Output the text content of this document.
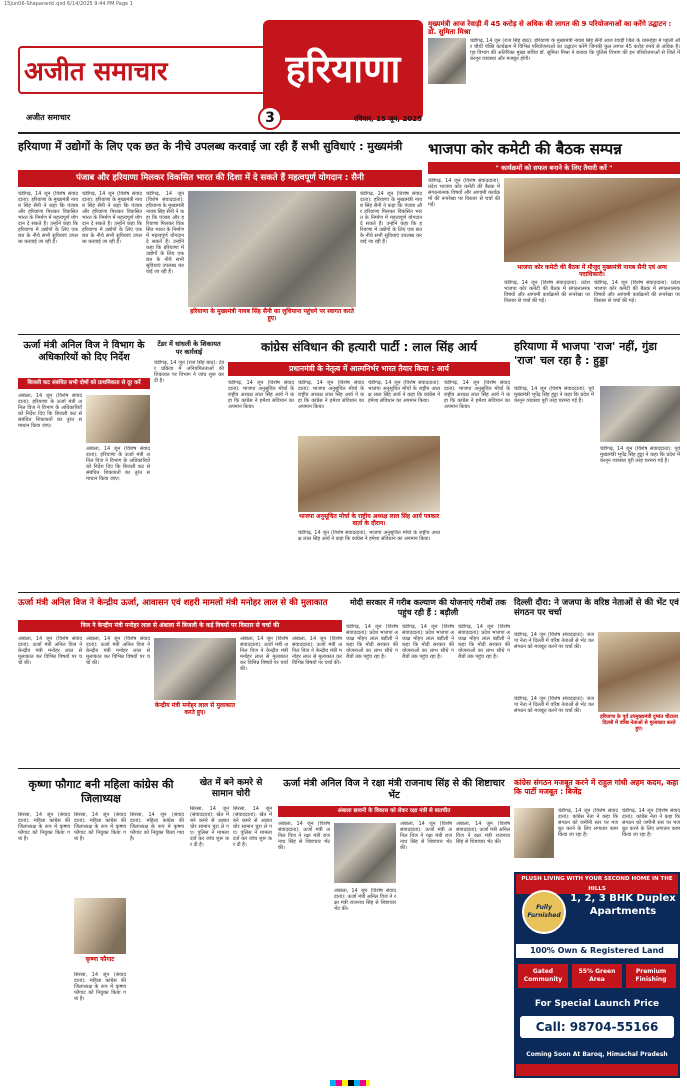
15Jun06-Shaparankl.qxd 6/14/2025 9:44 PM Page 1
अजीत समाचार	हरियाणा
अजीत समाचार	3	रविवार, 15 जून, 2025
मुख्यमंत्री आज रेवाड़ी में 45 करोड़ से अधिक की लागत की 9 परियोजनाओं का करेंगे उद्घाटन : डॉ. सुमिता मिश्रा
चंडीगढ़, 14 जून (राज सिंह बाठ): हरियाणा के मुख्यमंत्री नायब सिंह सैनी आज रेवाड़ी जिले के धारूहेड़ा में पहली और चौथी पंक्ति कार्यक्रम में विभिन्न परियोजनाओं का उद्घाटन करेंगे जिनकी कुल लागत 45 करोड़ रुपये से अधिक है। गृह विभाग की अतिरिक्त मुख्य सचिव डॉ. सुमिता मिश्रा ने बताया कि पुलिस विभाग की इन परियोजनाओं से जिले में कानून व्यवस्था और मजबूत होगी।
हरियाणा में उद्योगों के लिए एक छत के नीचे उपलब्ध करवाई जा रही हैं सभी सुविधाएं : मुख्यमंत्री
पंजाब और हरियाणा मिलकर विकसित भारत की दिशा में दे सकते हैं महत्वपूर्ण योगदान : सैनी
चंडीगढ़, 14 जून (विशेष संवाददाता): हरियाणा के मुख्यमंत्री नायब सिंह सैनी ने कहा कि पंजाब और हरियाणा मिलकर विकसित भारत के निर्माण में महत्वपूर्ण योगदान दे सकते हैं। उन्होंने कहा कि हरियाणा में उद्योगों के लिए एक छत के नीचे सभी सुविधाएं उपलब्ध करवाई जा रही हैं।
चंडीगढ़, 14 जून (विशेष संवाददाता): हरियाणा के मुख्यमंत्री नायब सिंह सैनी ने कहा कि पंजाब और हरियाणा मिलकर विकसित भारत के निर्माण में महत्वपूर्ण योगदान दे सकते हैं। उन्होंने कहा कि हरियाणा में उद्योगों के लिए एक छत के नीचे सभी सुविधाएं उपलब्ध करवाई जा रही हैं।
चंडीगढ़, 14 जून (विशेष संवाददाता): हरियाणा के मुख्यमंत्री नायब सिंह सैनी ने कहा कि पंजाब और हरियाणा मिलकर विकसित भारत के निर्माण में महत्वपूर्ण योगदान दे सकते हैं। उन्होंने कहा कि हरियाणा में उद्योगों के लिए एक छत के नीचे सभी सुविधाएं उपलब्ध करवाई जा रही हैं।
हरियाणा के मुख्यमंत्री नायब सिंह सैनी का लुधियाना पहुंचने पर स्वागत करते हुए।
चंडीगढ़, 14 जून (विशेष संवाददाता): हरियाणा के मुख्यमंत्री नायब सिंह सैनी ने कहा कि पंजाब और हरियाणा मिलकर विकसित भारत के निर्माण में महत्वपूर्ण योगदान दे सकते हैं। उन्होंने कहा कि हरियाणा में उद्योगों के लिए एक छत के नीचे सभी सुविधाएं उपलब्ध करवाई जा रही हैं।
भाजपा कोर कमेटी की बैठक सम्पन्न
" कार्यक्रमों को सफल बनाने के लिए तैयारी करें "
चंडीगढ़, 14 जून (विशेष संवाददाता): प्रदेश भाजपा कोर कमेटी की बैठक में संगठनात्मक विषयों और आगामी कार्यक्रमों की रूपरेखा पर विस्तार से चर्चा की गई।
भाजपा कोर कमेटी की बैठक में मौजूद मुख्यमंत्री नायब सैनी एवं अन्य पदाधिकारी।
चंडीगढ़, 14 जून (विशेष संवाददाता): प्रदेश भाजपा कोर कमेटी की बैठक में संगठनात्मक विषयों और आगामी कार्यक्रमों की रूपरेखा पर विस्तार से चर्चा की गई।
चंडीगढ़, 14 जून (विशेष संवाददाता): प्रदेश भाजपा कोर कमेटी की बैठक में संगठनात्मक विषयों और आगामी कार्यक्रमों की रूपरेखा पर विस्तार से चर्चा की गई।
ऊर्जा मंत्री अनिल विज ने विभाग के अधिकारियों को दिए निर्देश
बिजली कट संबंधित सभी दोषों को प्राथमिकता से दूर करें
अंबाला, 14 जून (विशेष संवाददाता): हरियाणा के ऊर्जा मंत्री अनिल विज ने विभाग के अधिकारियों को निर्देश दिए कि बिजली कट से संबंधित शिकायतों का तुरंत समाधान किया जाए।
अंबाला, 14 जून (विशेष संवाददाता): हरियाणा के ऊर्जा मंत्री अनिल विज ने विभाग के अधिकारियों को निर्देश दिए कि बिजली कट से संबंधित शिकायतों का तुरंत समाधान किया जाए।
टेंडर में धांधली के शिकायत पर कार्रवाई
चंडीगढ़, 14 जून (राज सिंह बाठ): टेंडर प्रक्रिया में अनियमितताओं की शिकायत पर विभाग ने जांच शुरू कर दी है।
कांग्रेस संविधान की हत्यारी पार्टी : लाल सिंह आर्य
प्रधानमंत्री के नेतृत्व में आत्मनिर्भर भारत तैयार किया : आर्य
चंडीगढ़, 14 जून (विशेष संवाददाता): भाजपा अनुसूचित मोर्चा के राष्ट्रीय अध्यक्ष लाल सिंह आर्य ने कहा कि कांग्रेस ने हमेशा संविधान का अपमान किया।
चंडीगढ़, 14 जून (विशेष संवाददाता): भाजपा अनुसूचित मोर्चा के राष्ट्रीय अध्यक्ष लाल सिंह आर्य ने कहा कि कांग्रेस ने हमेशा संविधान का अपमान किया।
भाजपा अनुसूचित मोर्चा के राष्ट्रीय अध्यक्ष लाल सिंह आर्य पत्रकार वार्ता के दौरान।
चंडीगढ़, 14 जून (विशेष संवाददाता): भाजपा अनुसूचित मोर्चा के राष्ट्रीय अध्यक्ष लाल सिंह आर्य ने कहा कि कांग्रेस ने हमेशा संविधान का अपमान किया।
चंडीगढ़, 14 जून (विशेष संवाददाता): भाजपा अनुसूचित मोर्चा के राष्ट्रीय अध्यक्ष लाल सिंह आर्य ने कहा कि कांग्रेस ने हमेशा संविधान का अपमान किया।
चंडीगढ़, 14 जून (विशेष संवाददाता): भाजपा अनुसूचित मोर्चा के राष्ट्रीय अध्यक्ष लाल सिंह आर्य ने कहा कि कांग्रेस ने हमेशा संविधान का अपमान किया।
हरियाणा में भाजपा 'राज' नहीं, गुंडा 'राज' चल रहा है : हुड्डा
चंडीगढ़, 14 जून (विशेष संवाददाता): पूर्व मुख्यमंत्री भूपेंद्र सिंह हुड्डा ने कहा कि प्रदेश में कानून व्यवस्था पूरी तरह चरमरा गई है।
चंडीगढ़, 14 जून (विशेष संवाददाता): पूर्व मुख्यमंत्री भूपेंद्र सिंह हुड्डा ने कहा कि प्रदेश में कानून व्यवस्था पूरी तरह चरमरा गई है।
ऊर्जा मंत्री अनिल विज ने केन्द्रीय ऊर्जा, आवासन एवं शहरी मामलों मंत्री मनोहर लाल से की मुलाकात
विज ने केन्द्रीय मंत्री मनोहर लाल से अंबाला में बिजली के कई विषयों पर विस्तार से चर्चा की
अंबाला, 14 जून (विशेष संवाददाता): ऊर्जा मंत्री अनिल विज ने केन्द्रीय मंत्री मनोहर लाल से मुलाकात कर विभिन्न विषयों पर चर्चा की।
अंबाला, 14 जून (विशेष संवाददाता): ऊर्जा मंत्री अनिल विज ने केन्द्रीय मंत्री मनोहर लाल से मुलाकात कर विभिन्न विषयों पर चर्चा की।
केन्द्रीय मंत्री मनोहर लाल से मुलाकात करते हुए।
अंबाला, 14 जून (विशेष संवाददाता): ऊर्जा मंत्री अनिल विज ने केन्द्रीय मंत्री मनोहर लाल से मुलाकात कर विभिन्न विषयों पर चर्चा की।
अंबाला, 14 जून (विशेष संवाददाता): ऊर्जा मंत्री अनिल विज ने केन्द्रीय मंत्री मनोहर लाल से मुलाकात कर विभिन्न विषयों पर चर्चा की।
मोदी सरकार में गरीब कल्याण की योजनाएं गरीबों तक पहुंच रही हैं : बड़ौली
चंडीगढ़, 14 जून (विशेष संवाददाता): प्रदेश भाजपा अध्यक्ष मोहन लाल बड़ौली ने कहा कि मोदी सरकार की योजनाओं का लाभ सीधे गरीबों तक पहुंच रहा है।
चंडीगढ़, 14 जून (विशेष संवाददाता): प्रदेश भाजपा अध्यक्ष मोहन लाल बड़ौली ने कहा कि मोदी सरकार की योजनाओं का लाभ सीधे गरीबों तक पहुंच रहा है।
चंडीगढ़, 14 जून (विशेष संवाददाता): प्रदेश भाजपा अध्यक्ष मोहन लाल बड़ौली ने कहा कि मोदी सरकार की योजनाओं का लाभ सीधे गरीबों तक पहुंच रहा है।
दिल्ली दौरा: ने जजपा के वरिष्ठ नेताओं से की भेंट एवं संगठन पर चर्चा
चंडीगढ़, 14 जून (विशेष संवाददाता): जजपा नेता ने दिल्ली में वरिष्ठ नेताओं से भेंट कर संगठन को मजबूत करने पर चर्चा की।
हरियाणा के पूर्व उपमुख्यमंत्री दुष्यंत चौटाला दिल्ली में वरिष्ठ नेताओं से मुलाकात करते हुए।
चंडीगढ़, 14 जून (विशेष संवाददाता): जजपा नेता ने दिल्ली में वरिष्ठ नेताओं से भेंट कर संगठन को मजबूत करने पर चर्चा की।
कृष्णा फौगाट बनी महिला कांग्रेस की जिलाध्यक्ष
सिरसा, 14 जून (संवाददाता): महिला कांग्रेस की जिलाध्यक्ष के रूप में कृष्णा फौगाट को नियुक्त किया गया है।
सिरसा, 14 जून (संवाददाता): महिला कांग्रेस की जिलाध्यक्ष के रूप में कृष्णा फौगाट को नियुक्त किया गया है।
कृष्णा फौगाट
सिरसा, 14 जून (संवाददाता): महिला कांग्रेस की जिलाध्यक्ष के रूप में कृष्णा फौगाट को नियुक्त किया गया है।
सिरसा, 14 जून (संवाददाता): महिला कांग्रेस की जिलाध्यक्ष के रूप में कृष्णा फौगाट को नियुक्त किया गया है।
खेत में बने कमरे से सामान चोरी
सिरसा, 14 जून (संवाददाता): खेत में बने कमरे से अज्ञात चोर सामान चुरा ले गए। पुलिस ने मामला दर्ज कर जांच शुरू कर दी है।
सिरसा, 14 जून (संवाददाता): खेत में बने कमरे से अज्ञात चोर सामान चुरा ले गए। पुलिस ने मामला दर्ज कर जांच शुरू कर दी है।
ऊर्जा मंत्री अनिल विज ने रक्षा मंत्री राजनाथ सिंह से की शिष्टाचार भेंट
अंबाला छावनी के विकास को लेकर रक्षा मंत्री से बातचीत
अंबाला, 14 जून (विशेष संवाददाता): ऊर्जा मंत्री अनिल विज ने रक्षा मंत्री राजनाथ सिंह से शिष्टाचार भेंट की।
अंबाला, 14 जून (विशेष संवाददाता): ऊर्जा मंत्री अनिल विज ने रक्षा मंत्री राजनाथ सिंह से शिष्टाचार भेंट की।
अंबाला, 14 जून (विशेष संवाददाता): ऊर्जा मंत्री अनिल विज ने रक्षा मंत्री राजनाथ सिंह से शिष्टाचार भेंट की।
अंबाला, 14 जून (विशेष संवाददाता): ऊर्जा मंत्री अनिल विज ने रक्षा मंत्री राजनाथ सिंह से शिष्टाचार भेंट की।
कांग्रेस संगठन मजबूत करने में राहुल गांधी अहम कदम, कहा कि पार्टी मजबूत : बिजेंद्र
चंडीगढ़, 14 जून (विशेष संवाददाता): कांग्रेस नेता ने कहा कि संगठन को जमीनी स्तर पर मजबूत करने के लिए लगातार काम किया जा रहा है।
चंडीगढ़, 14 जून (विशेष संवाददाता): कांग्रेस नेता ने कहा कि संगठन को जमीनी स्तर पर मजबूत करने के लिए लगातार काम किया जा रहा है।
PLUSH LIVING WITH YOUR SECOND HOME IN THE HILLS
Fully Furnished
1, 2, 3 BHK Duplex Apartments
100% Own & Registered Land
Gated Community
55% Green Area
Premium Finishing
For Special Launch Price
Call: 98704-55166
Coming Soon At Baroq, Himachal Pradesh
